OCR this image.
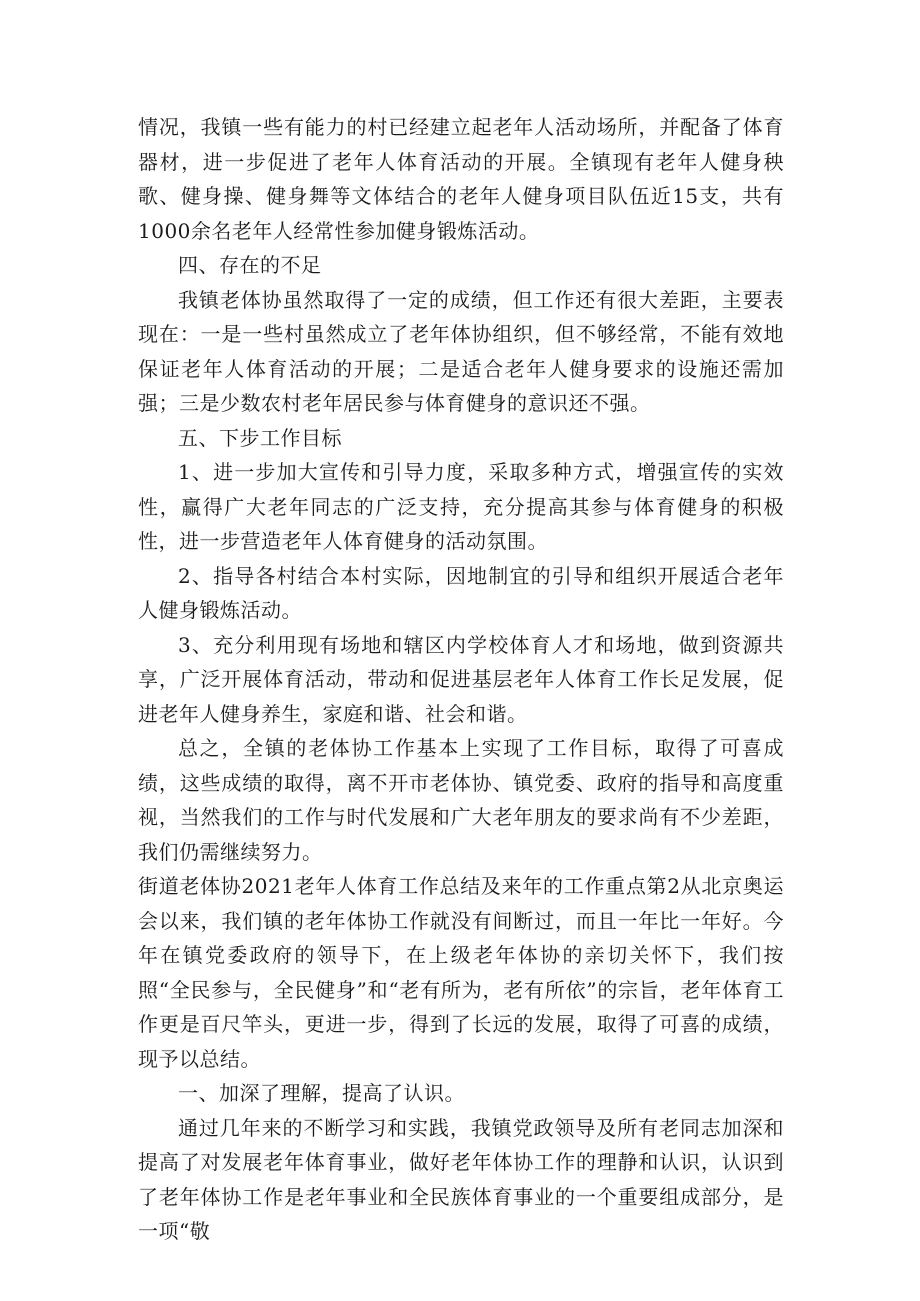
情况，我镇一些有能力的村已经建立起老年人活动场所，并配备了体育器材，进一步促进了老年人体育活动的开展。全镇现有老年人健身秧歌、健身操、健身舞等文体结合的老年人健身项目队伍近15支，共有1000余名老年人经常性参加健身锻炼活动。

四、存在的不足

我镇老体协虽然取得了一定的成绩，但工作还有很大差距，主要表现在：一是一些村虽然成立了老年体协组织，但不够经常，不能有效地保证老年人体育活动的开展；二是适合老年人健身要求的设施还需加强；三是少数农村老年居民参与体育健身的意识还不强。

五、下步工作目标

1、进一步加大宣传和引导力度，采取多种方式，增强宣传的实效性，赢得广大老年同志的广泛支持，充分提高其参与体育健身的积极性，进一步营造老年人体育健身的活动氛围。

2、指导各村结合本村实际，因地制宜的引导和组织开展适合老年人健身锻炼活动。

3、充分利用现有场地和辖区内学校体育人才和场地，做到资源共享，广泛开展体育活动，带动和促进基层老年人体育工作长足发展，促进老年人健身养生，家庭和谐、社会和谐。

总之，全镇的老体协工作基本上实现了工作目标，取得了可喜成绩，这些成绩的取得，离不开市老体协、镇党委、政府的指导和高度重视，当然我们的工作与时代发展和广大老年朋友的要求尚有不少差距，我们仍需继续努力。

街道老体协2021老年人体育工作总结及来年的工作重点第2从北京奥运会以来，我们镇的老年体协工作就没有间断过，而且一年比一年好。今年在镇党委政府的领导下，在上级老年体协的亲切关怀下，我们按照“全民参与，全民健身”和“老有所为，老有所依”的宗旨，老年体育工作更是百尺竿头，更进一步，得到了长远的发展，取得了可喜的成绩，现予以总结。

一、加深了理解，提高了认识。

通过几年来的不断学习和实践，我镇党政领导及所有老同志加深和提高了对发展老年体育事业，做好老年体协工作的理静和认识，认识到了老年体协工作是老年事业和全民族体育事业的一个重要组成部分，是一项“敬
